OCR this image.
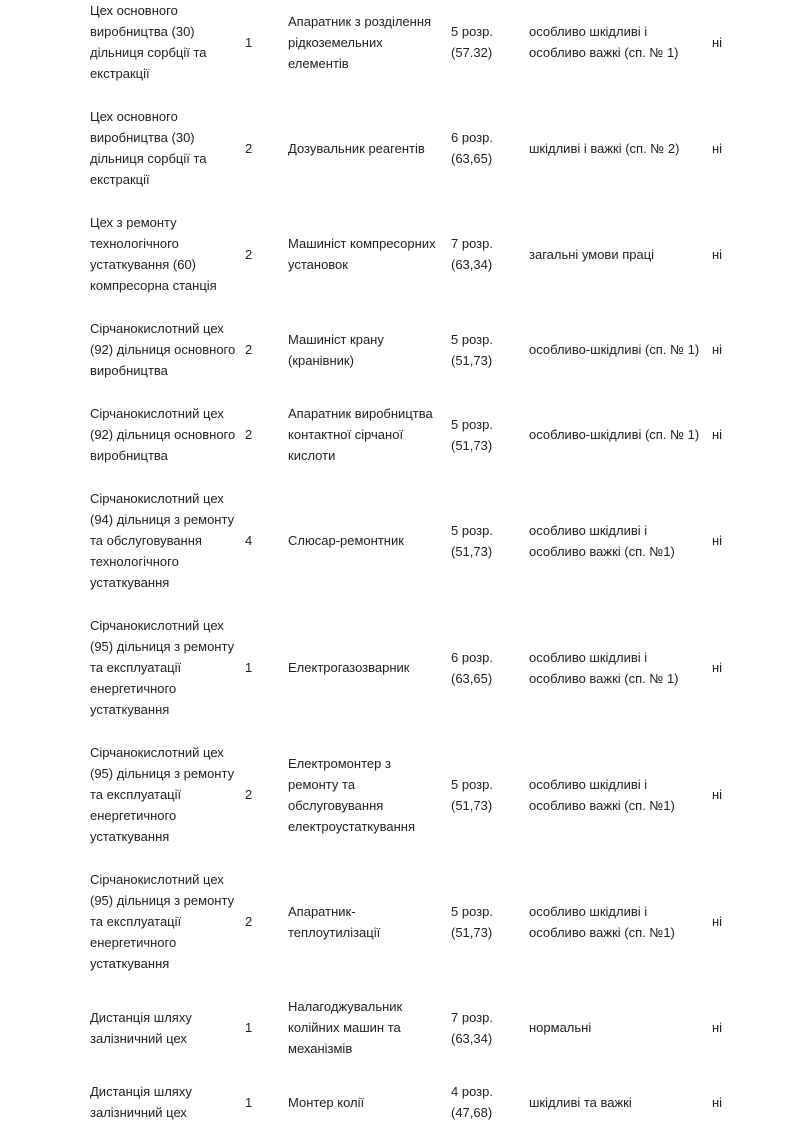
Цех основного виробництва (30) дільниця сорбції та екстракції	1	Апаратник з розділення рідкоземельних елементів	5 розр. (57.32)	особливо шкідливі і особливо важкі (сп. № 1)	ні
Цех основного виробництва (30) дільниця сорбції та екстракції	2	Дозувальник реагентів	6 розр. (63,65)	шкідливі і важкі (сп. № 2)	ні
Цех з ремонту технологічного устаткування (60) компресорна станція	2	Машиніст компресорних установок	7 розр. (63,34)	загальні умови праці	ні
Сірчанокислотний цех (92) дільниця основного виробництва	2	Машиніст крану (кранівник)	5 розр. (51,73)	особливо-шкідливі (сп. № 1)	ні
Сірчанокислотний цех (92) дільниця основного виробництва	2	Апаратник виробництва контактної сірчаної кислоти	5 розр. (51,73)	особливо-шкідливі (сп. № 1)	ні
Сірчанокислотний цех (94) дільниця з ремонту та обслуговування технологічного устаткування	4	Слюсар-ремонтник	5 розр. (51,73)	особливо шкідливі і особливо важкі (сп. №1)	ні
Сірчанокислотний цех (95) дільниця з ремонту та експлуатації енергетичного устаткування	1	Електрогазозварник	6 розр. (63,65)	особливо шкідливі і особливо важкі (сп. № 1)	ні
Сірчанокислотний цех (95) дільниця з ремонту та експлуатації енергетичного устаткування	2	Електромонтер з ремонту та обслуговування електроустаткування	5 розр. (51,73)	особливо шкідливі і особливо важкі (сп. №1)	ні
Сірчанокислотний цех (95) дільниця з ремонту та експлуатації енергетичного устаткування	2	Апаратник-теплоутилізації	5 розр. (51,73)	особливо шкідливі і особливо важкі (сп. №1)	ні
Дистанція шляху залізничний цех	1	Налагоджувальник колійних машин та механізмів	7 розр. (63,34)	нормальні	ні
Дистанція шляху залізничний цех	1	Монтер колії	4 розр. (47,68)	шкідливі та важкі	ні
